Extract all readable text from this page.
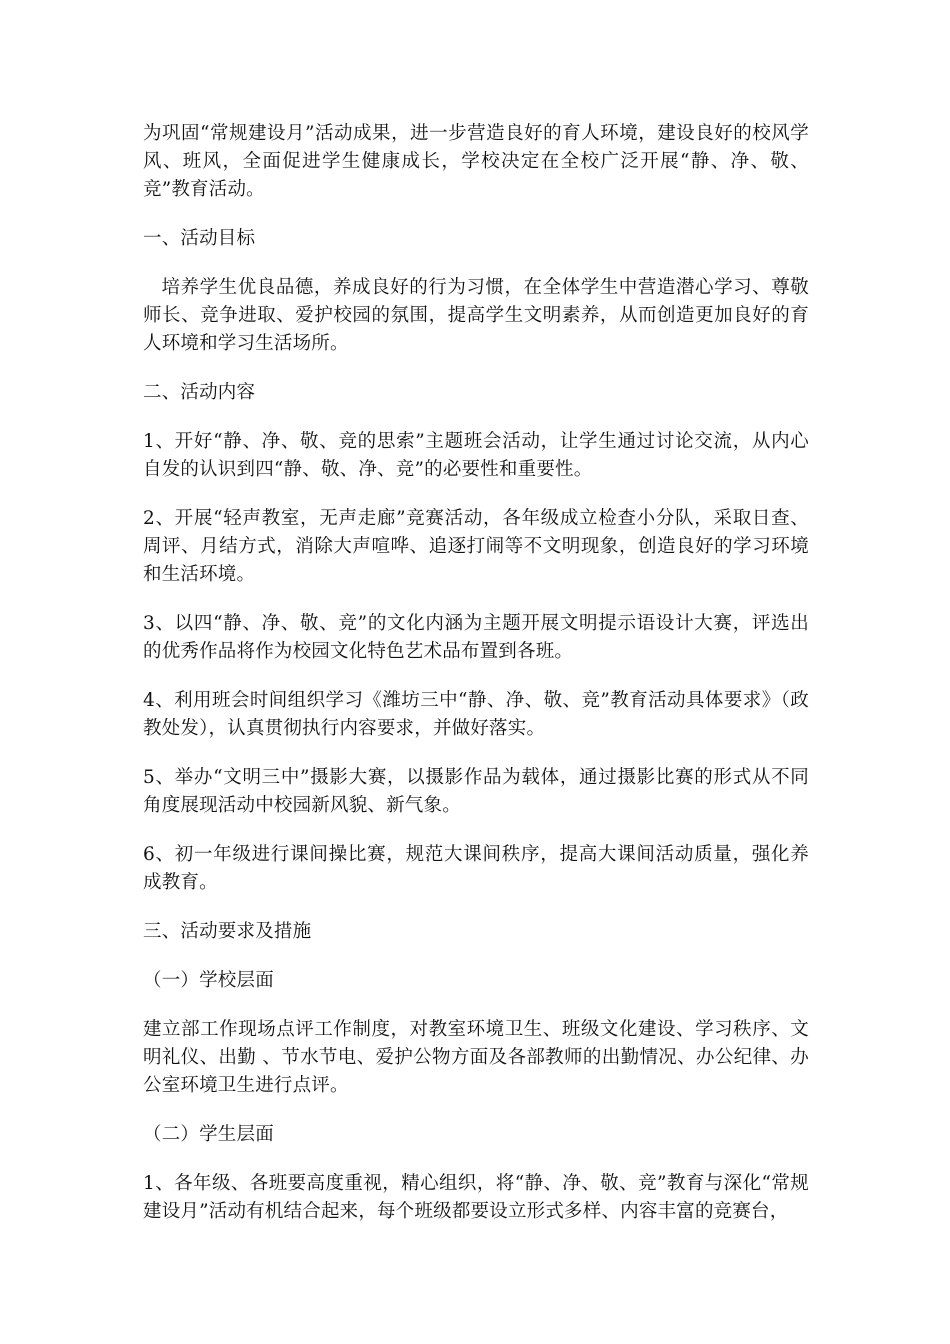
为巩固“常规建设月”活动成果，进一步营造良好的育人环境，建设良好的校风学风、班风，全面促进学生健康成长，学校决定在全校广泛开展“静、净、敬、竞”教育活动。

一、活动目标

培养学生优良品德，养成良好的行为习惯，在全体学生中营造潜心学习、尊敬师长、竞争进取、爱护校园的氛围，提高学生文明素养，从而创造更加良好的育人环境和学习生活场所。

二、活动内容

1、开好“静、净、敬、竞的思索”主题班会活动，让学生通过讨论交流，从内心自发的认识到四“静、敬、净、竞”的必要性和重要性。

2、开展“轻声教室，无声走廊”竞赛活动，各年级成立检查小分队，采取日查、周评、月结方式，消除大声喧哗、追逐打闹等不文明现象，创造良好的学习环境和生活环境。

3、以四“静、净、敬、竞”的文化内涵为主题开展文明提示语设计大赛，评选出的优秀作品将作为校园文化特色艺术品布置到各班。

4、利用班会时间组织学习《潍坊三中“静、净、敬、竞”教育活动具体要求》（政教处发），认真贯彻执行内容要求，并做好落实。

5、举办“文明三中”摄影大赛，以摄影作品为载体，通过摄影比赛的形式从不同角度展现活动中校园新风貌、新气象。

6、初一年级进行课间操比赛，规范大课间秩序，提高大课间活动质量，强化养成教育。

三、活动要求及措施

（一）学校层面

建立部工作现场点评工作制度，对教室环境卫生、班级文化建设、学习秩序、文明礼仪、出勤 、节水节电、爱护公物方面及各部教师的出勤情况、办公纪律、办公室环境卫生进行点评。

（二）学生层面

1、各年级、各班要高度重视，精心组织，将“静、净、敬、竞”教育与深化“常规建设月”活动有机结合起来，每个班级都要设立形式多样、内容丰富的竞赛台，
